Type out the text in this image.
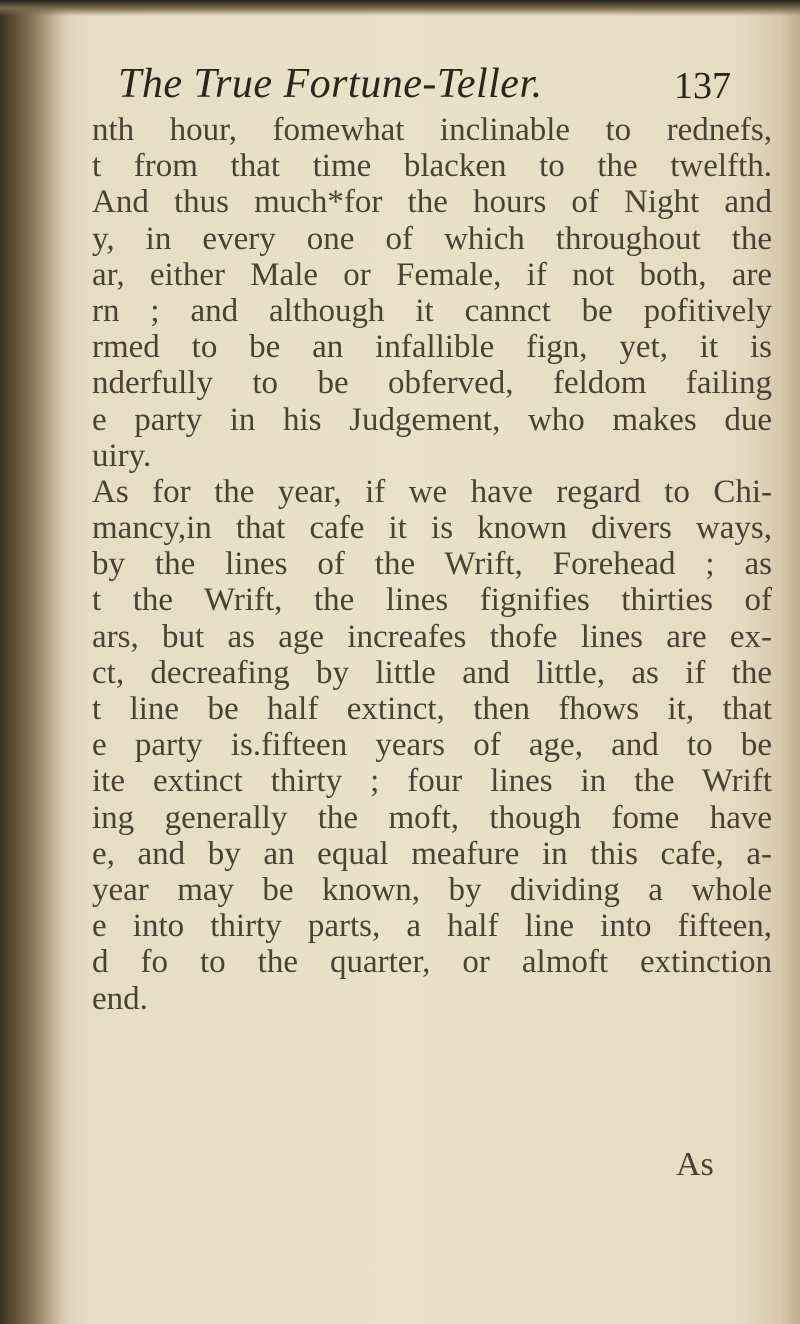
The True Fortune-Teller.	137
nth hour, fomewhat inclinable to rednefs,
t from that time blacken to the twelfth.
And thus much*for the hours of Night and
y, in every one of which throughout the
ar, either Male or Female, if not both, are
rn ; and although it cannct be pofitively
rmed to be an infallible fign, yet, it is
nderfully to be obferved, feldom failing
e party in his Judgement, who makes due
uiry.
As for the year, if we have regard to Chi-
mancy,in that cafe it is known divers ways,
by the lines of the Wrift, Forehead ; as
t the Wrift, the lines fignifies thirties of
ars, but as age increafes thofe lines are ex-
ct, decreafing by little and little, as if the
t line be half extinct, then fhows it, that
e party is.fifteen years of age, and to be
ite extinct thirty ; four lines in the Wrift
ing generally the moft, though fome have
e, and by an equal meafure in this cafe, a-
year may be known, by dividing a whole
e into thirty parts, a half line into fifteen,
d fo to the quarter, or almoft extinction
end.
As
